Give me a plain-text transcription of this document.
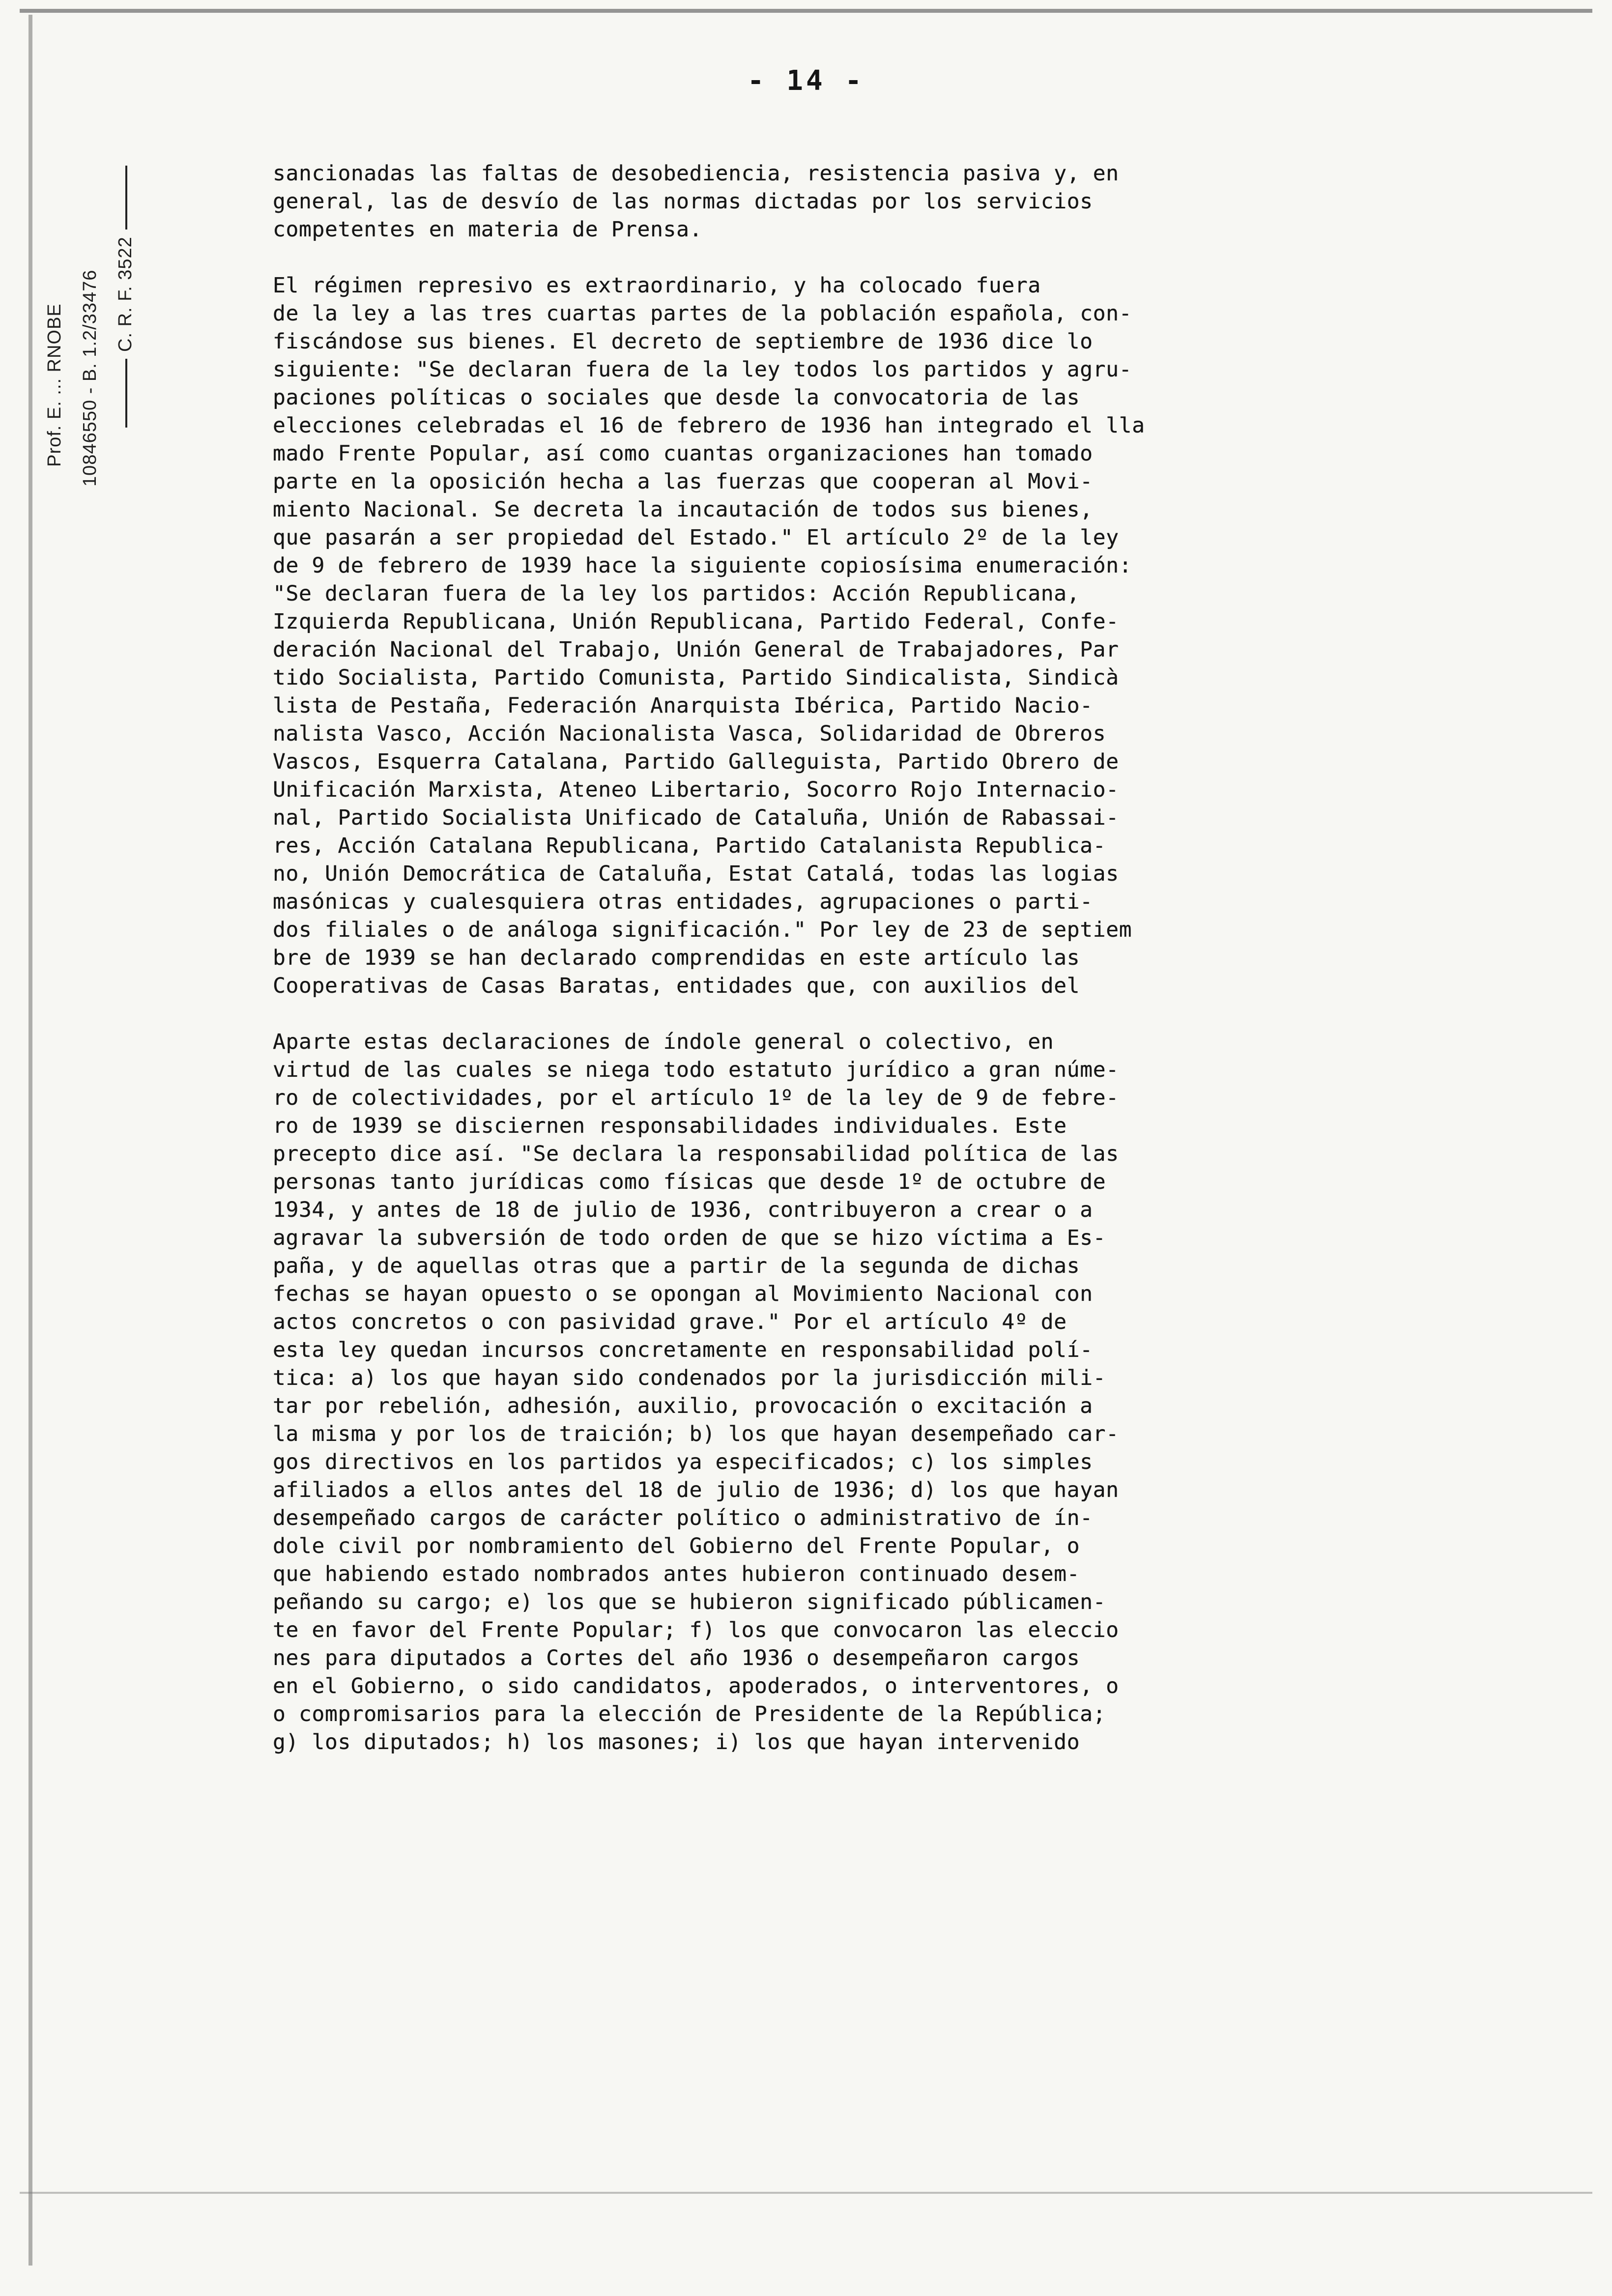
Prof. E. ... RNOBE 10846550 - B. 1.2/33476 C. R. F. 3522
- 14 -
sancionadas las faltas de desobediencia, resistencia pasiva y, en
general, las de desvío de las normas dictadas por los servicios
competentes en materia de Prensa.
El régimen represivo es extraordinario, y ha colocado fuera
de la ley a las tres cuartas partes de la población española, con-
fiscándose sus bienes. El decreto de septiembre de 1936 dice lo
siguiente: "Se declaran fuera de la ley todos los partidos y agru-
paciones políticas o sociales que desde la convocatoria de las
elecciones celebradas el 16 de febrero de 1936 han integrado el lla
mado Frente Popular, así como cuantas organizaciones han tomado
parte en la oposición hecha a las fuerzas que cooperan al Movi-
miento Nacional. Se decreta la incautación de todos sus bienes,
que pasarán a ser propiedad del Estado." El artículo 2º de la ley
de 9 de febrero de 1939 hace la siguiente copiosísima enumeración:
"Se declaran fuera de la ley los partidos: Acción Republicana,
Izquierda Republicana, Unión Republicana, Partido Federal, Confe-
deración Nacional del Trabajo, Unión General de Trabajadores, Par
tido Socialista, Partido Comunista, Partido Sindicalista, Sindicà
lista de Pestaña, Federación Anarquista Ibérica, Partido Nacio-
nalista Vasco, Acción Nacionalista Vasca, Solidaridad de Obreros
Vascos, Esquerra Catalana, Partido Galleguista, Partido Obrero de
Unificación Marxista, Ateneo Libertario, Socorro Rojo Internacio-
nal, Partido Socialista Unificado de Cataluña, Unión de Rabassai-
res, Acción Catalana Republicana, Partido Catalanista Republica-
no, Unión Democrática de Cataluña, Estat Catalá, todas las logias
masónicas y cualesquiera otras entidades, agrupaciones o parti-
dos filiales o de análoga significación." Por ley de 23 de septiem
bre de 1939 se han declarado comprendidas en este artículo las
Cooperativas de Casas Baratas, entidades que, con auxilios del
Aparte estas declaraciones de índole general o colectivo, en
virtud de las cuales se niega todo estatuto jurídico a gran núme-
ro de colectividades, por el artículo 1º de la ley de 9 de febre-
ro de 1939 se disciernen responsabilidades individuales. Este
precepto dice así. "Se declara la responsabilidad política de las
personas tanto jurídicas como físicas que desde 1º de octubre de
1934, y antes de 18 de julio de 1936, contribuyeron a crear o a
agravar la subversión de todo orden de que se hizo víctima a Es-
paña, y de aquellas otras que a partir de la segunda de dichas
fechas se hayan opuesto o se opongan al Movimiento Nacional con
actos concretos o con pasividad grave." Por el artículo 4º de
esta ley quedan incursos concretamente en responsabilidad polí-
tica: a) los que hayan sido condenados por la jurisdicción mili-
tar por rebelión, adhesión, auxilio, provocación o excitación a
la misma y por los de traición; b) los que hayan desempeñado car-
gos directivos en los partidos ya especificados; c) los simples
afiliados a ellos antes del 18 de julio de 1936; d) los que hayan
desempeñado cargos de carácter político o administrativo de ín-
dole civil por nombramiento del Gobierno del Frente Popular, o
que habiendo estado nombrados antes hubieron continuado desem-
peñando su cargo; e) los que se hubieron significado públicamen-
te en favor del Frente Popular; f) los que convocaron las eleccio
nes para diputados a Cortes del año 1936 o desempeñaron cargos
en el Gobierno, o sido candidatos, apoderados, o interventores, o
o compromisarios para la elección de Presidente de la República;
g) los diputados; h) los masones; i) los que hayan intervenido
